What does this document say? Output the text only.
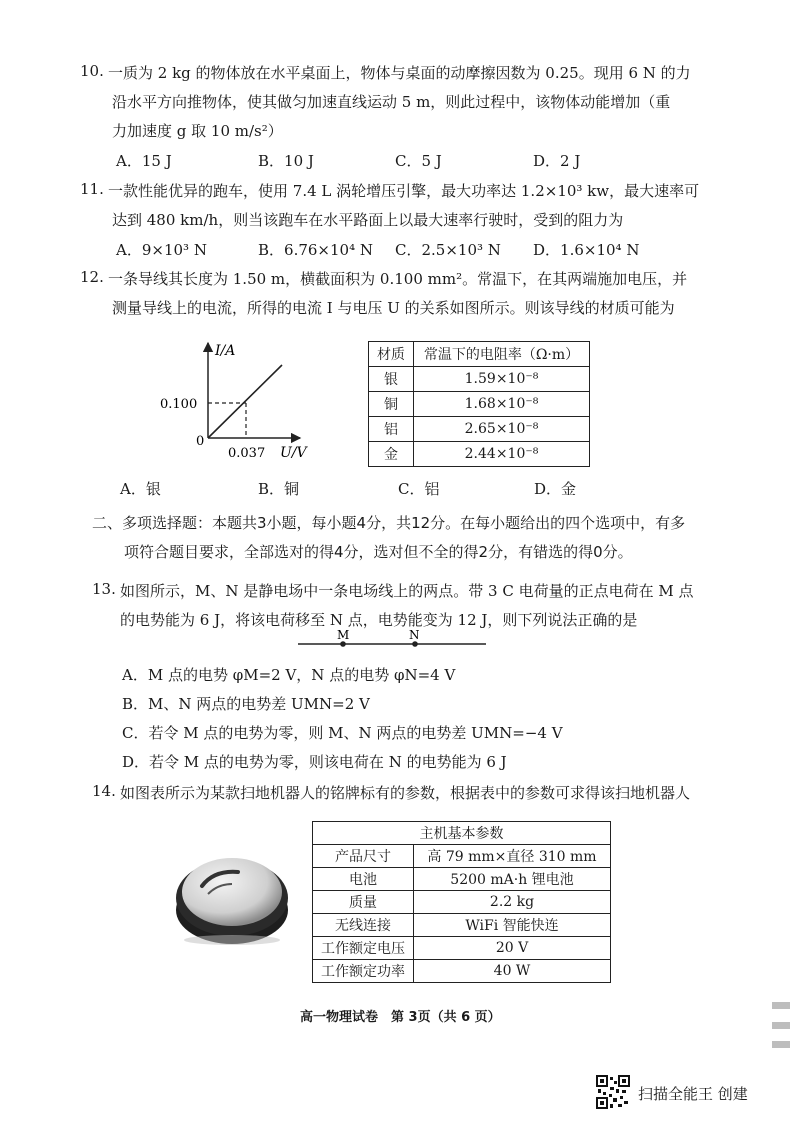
10. 一质为 2 kg 的物体放在水平桌面上，物体与桌面的动摩擦因数为 0.25。现用 6 N 的力
沿水平方向推物体，使其做匀加速直线运动 5 m，则此过程中，该物体动能增加（重
力加速度 g 取 10 m/s²）
A．15 J	B．10 J	C．5 J	D．2 J
11. 一款性能优异的跑车，使用 7.4 L 涡轮增压引擎，最大功率达 1.2×10³ kw，最大速率可
达到 480 km/h，则当该跑车在水平路面上以最大速率行驶时，受到的阻力为
A．9×10³ N	B．6.76×10⁴ N C．2.5×10³ N D．1.6×10⁴ N
12. 一条导线其长度为 1.50 m，横截面积为 0.100 mm²。常温下，在其两端施加电压，并
测量导线上的电流，所得的电流 I 与电压 U 的关系如图所示。则该导线的材质可能为
I/A
U/V
0
0.100
0.037
材质	常温下的电阻率（Ω·m）
银	1.59×10⁻⁸
铜	1.68×10⁻⁸
铝	2.65×10⁻⁸
金	2.44×10⁻⁸
A．银	B．铜	C．铝	D．金
二、多项选择题：本题共3小题，每小题4分，共12分。在每小题给出的四个选项中，有多
项符合题目要求，全部选对的得4分，选对但不全的得2分，有错选的得0分。
13. 如图所示，M、N 是静电场中一条电场线上的两点。带 3 C 电荷量的正点电荷在 M 点
的电势能为 6 J，将该电荷移至 N 点，电势能变为 12 J，则下列说法正确的是
M	N
A．M 点的电势 φM=2 V，N 点的电势 φN=4 V
B．M、N 两点的电势差 UMN=2 V
C．若令 M 点的电势为零，则 M、N 两点的电势差 UMN=−4 V
D．若令 M 点的电势为零，则该电荷在 N 的电势能为 6 J
14. 如图表所示为某款扫地机器人的铭牌标有的参数，根据表中的参数可求得该扫地机器人
主机基本参数	
产品尺寸	高 79 mm×直径 310 mm
电池	5200 mA·h 锂电池
质量	2.2 kg
无线连接	WiFi 智能快连
工作额定电压	20 V
工作额定功率	40 W
高一物理试卷　第 3页（共 6 页）
扫描全能王 创建
